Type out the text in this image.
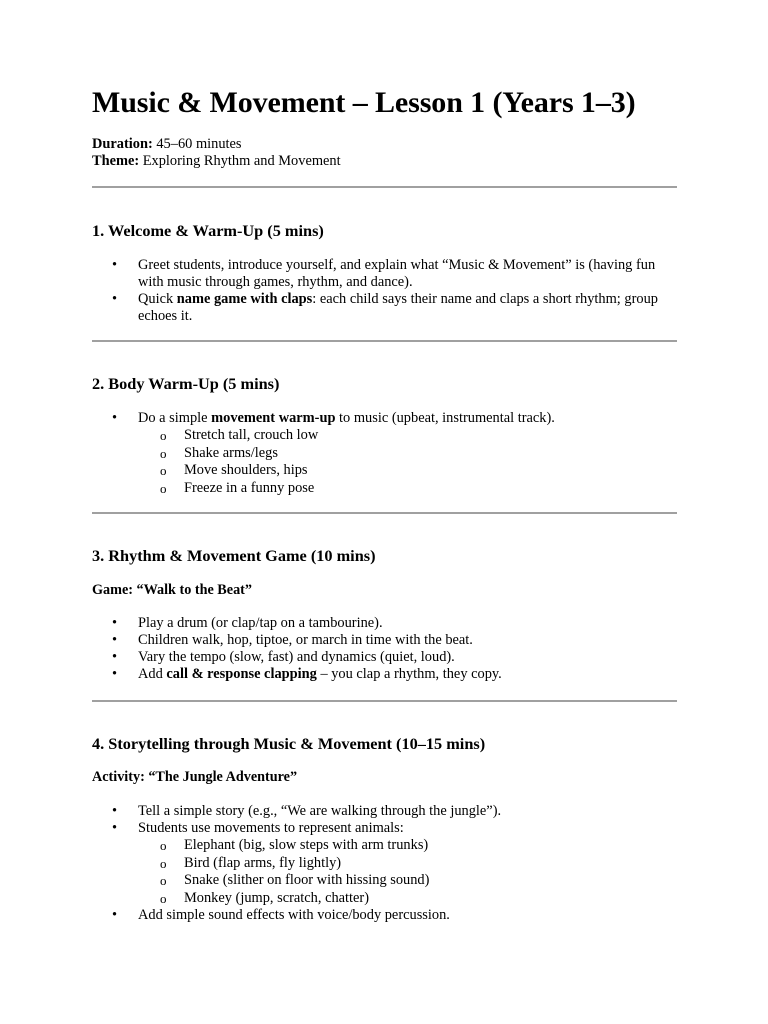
Music & Movement – Lesson 1 (Years 1–3)
Duration: 45–60 minutes
Theme: Exploring Rhythm and Movement
1. Welcome & Warm-Up (5 mins)
• Greet students, introduce yourself, and explain what “Music & Movement” is (having fun with music through games, rhythm, and dance).
• Quick name game with claps: each child says their name and claps a short rhythm; group echoes it.
2. Body Warm-Up (5 mins)
• Do a simple movement warm-up to music (upbeat, instrumental track).
o Stretch tall, crouch low
o Shake arms/legs
o Move shoulders, hips
o Freeze in a funny pose
3. Rhythm & Movement Game (10 mins)
Game: “Walk to the Beat”
• Play a drum (or clap/tap on a tambourine).
• Children walk, hop, tiptoe, or march in time with the beat.
• Vary the tempo (slow, fast) and dynamics (quiet, loud).
• Add call & response clapping – you clap a rhythm, they copy.
4. Storytelling through Music & Movement (10–15 mins)
Activity: “The Jungle Adventure”
• Tell a simple story (e.g., “We are walking through the jungle”).
• Students use movements to represent animals:
o Elephant (big, slow steps with arm trunks)
o Bird (flap arms, fly lightly)
o Snake (slither on floor with hissing sound)
o Monkey (jump, scratch, chatter)
• Add simple sound effects with voice/body percussion.
